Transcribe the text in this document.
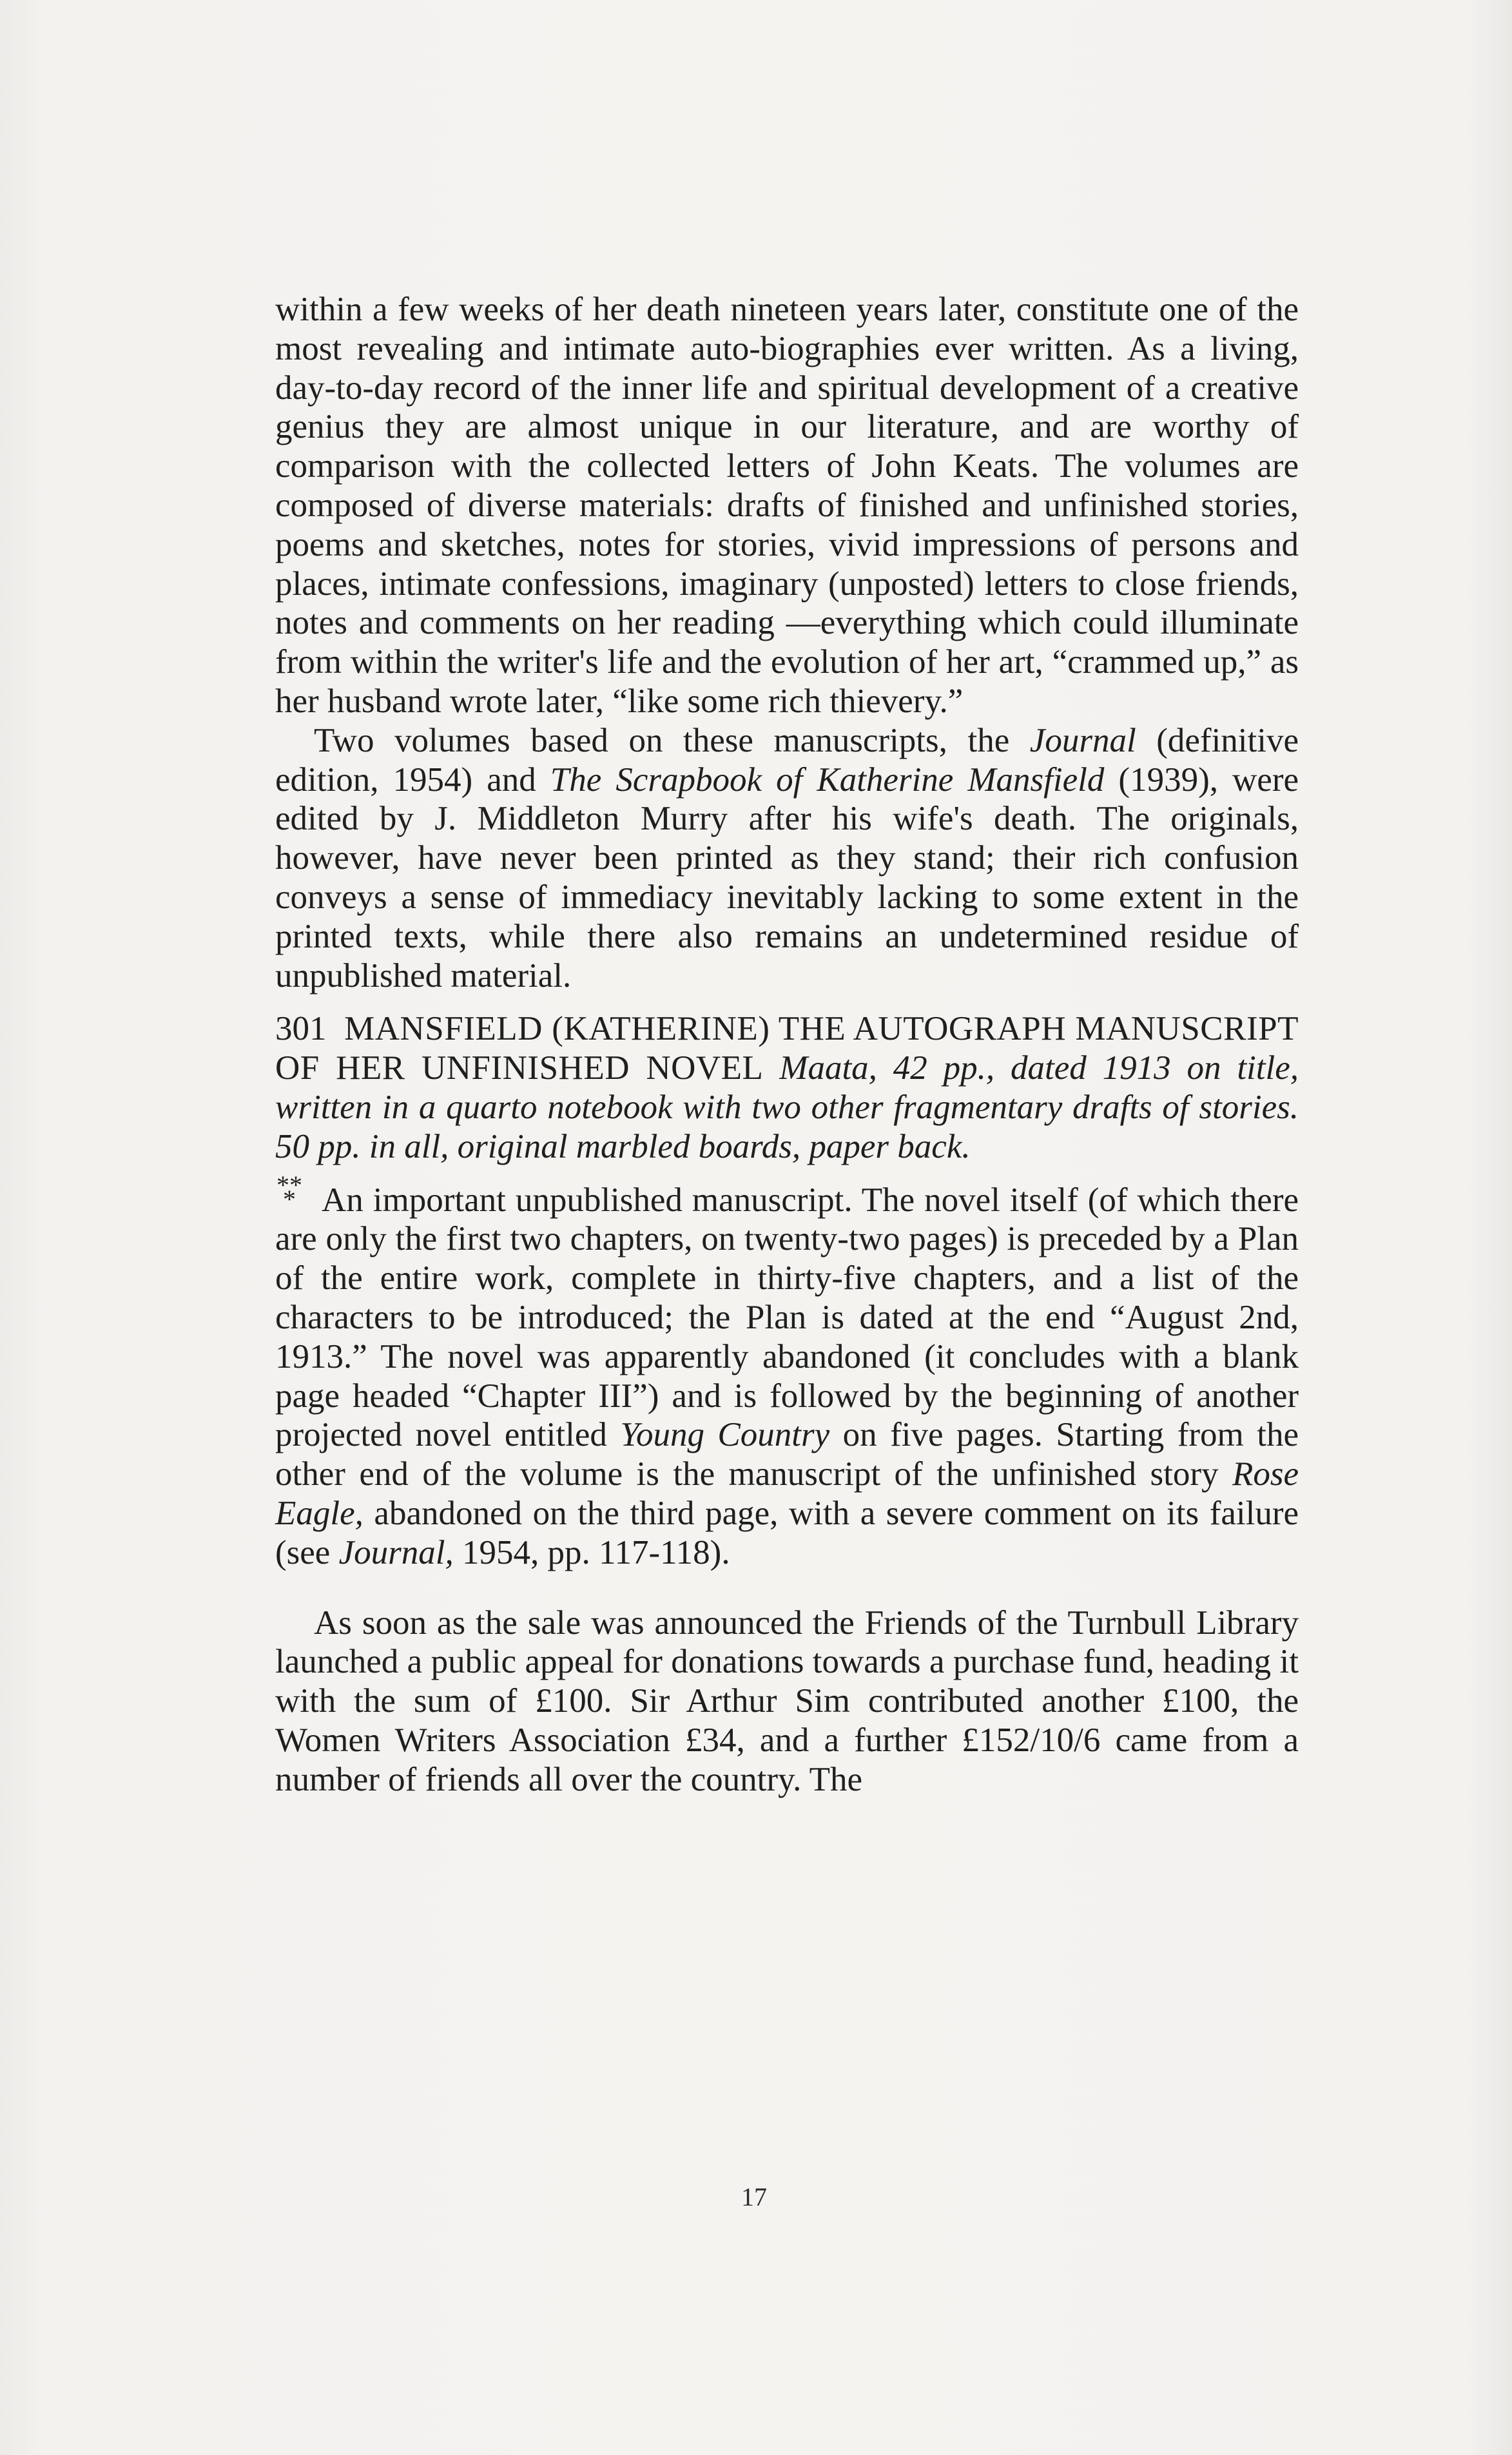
within a few weeks of her death nineteen years later, constitute one of the most revealing and intimate auto-biographies ever written. As a living, day-to-day record of the inner life and spiritual development of a creative genius they are almost unique in our literature, and are worthy of comparison with the collected letters of John Keats. The volumes are composed of diverse materials: drafts of finished and unfinished stories, poems and sketches, notes for stories, vivid impressions of persons and places, intimate confessions, imaginary (unposted) letters to close friends, notes and comments on her reading —everything which could illuminate from within the writer's life and the evolution of her art, “crammed up,” as her husband wrote later, “like some rich thievery.”

Two volumes based on these manuscripts, the Journal (definitive edition, 1954) and The Scrapbook of Katherine Mansfield (1939), were edited by J. Middleton Murry after his wife's death. The originals, however, have never been printed as they stand; their rich confusion conveys a sense of immediacy inevitably lacking to some extent in the printed texts, while there also remains an undetermined residue of unpublished material.

301 MANSFIELD (KATHERINE) THE AUTOGRAPH MANUSCRIPT OF HER UNFINISHED NOVEL Maata, 42 pp., dated 1913 on title, written in a quarto notebook with two other fragmentary drafts of stories. 50 pp. in all, original marbled boards, paper back.

* *
* An important unpublished manuscript. The novel itself (of which there are only the first two chapters, on twenty-two pages) is preceded by a Plan of the entire work, complete in thirty-five chapters, and a list of the characters to be introduced; the Plan is dated at the end “August 2nd, 1913.” The novel was apparently abandoned (it concludes with a blank page headed “Chapter III”) and is followed by the beginning of another projected novel entitled Young Country on five pages. Starting from the other end of the volume is the manuscript of the unfinished story Rose Eagle, abandoned on the third page, with a severe comment on its failure (see Journal, 1954, pp. 117-118).

As soon as the sale was announced the Friends of the Turnbull Library launched a public appeal for donations towards a purchase fund, heading it with the sum of £100. Sir Arthur Sim contributed another £100, the Women Writers Association £34, and a further £152/10/6 came from a number of friends all over the country. The

17
